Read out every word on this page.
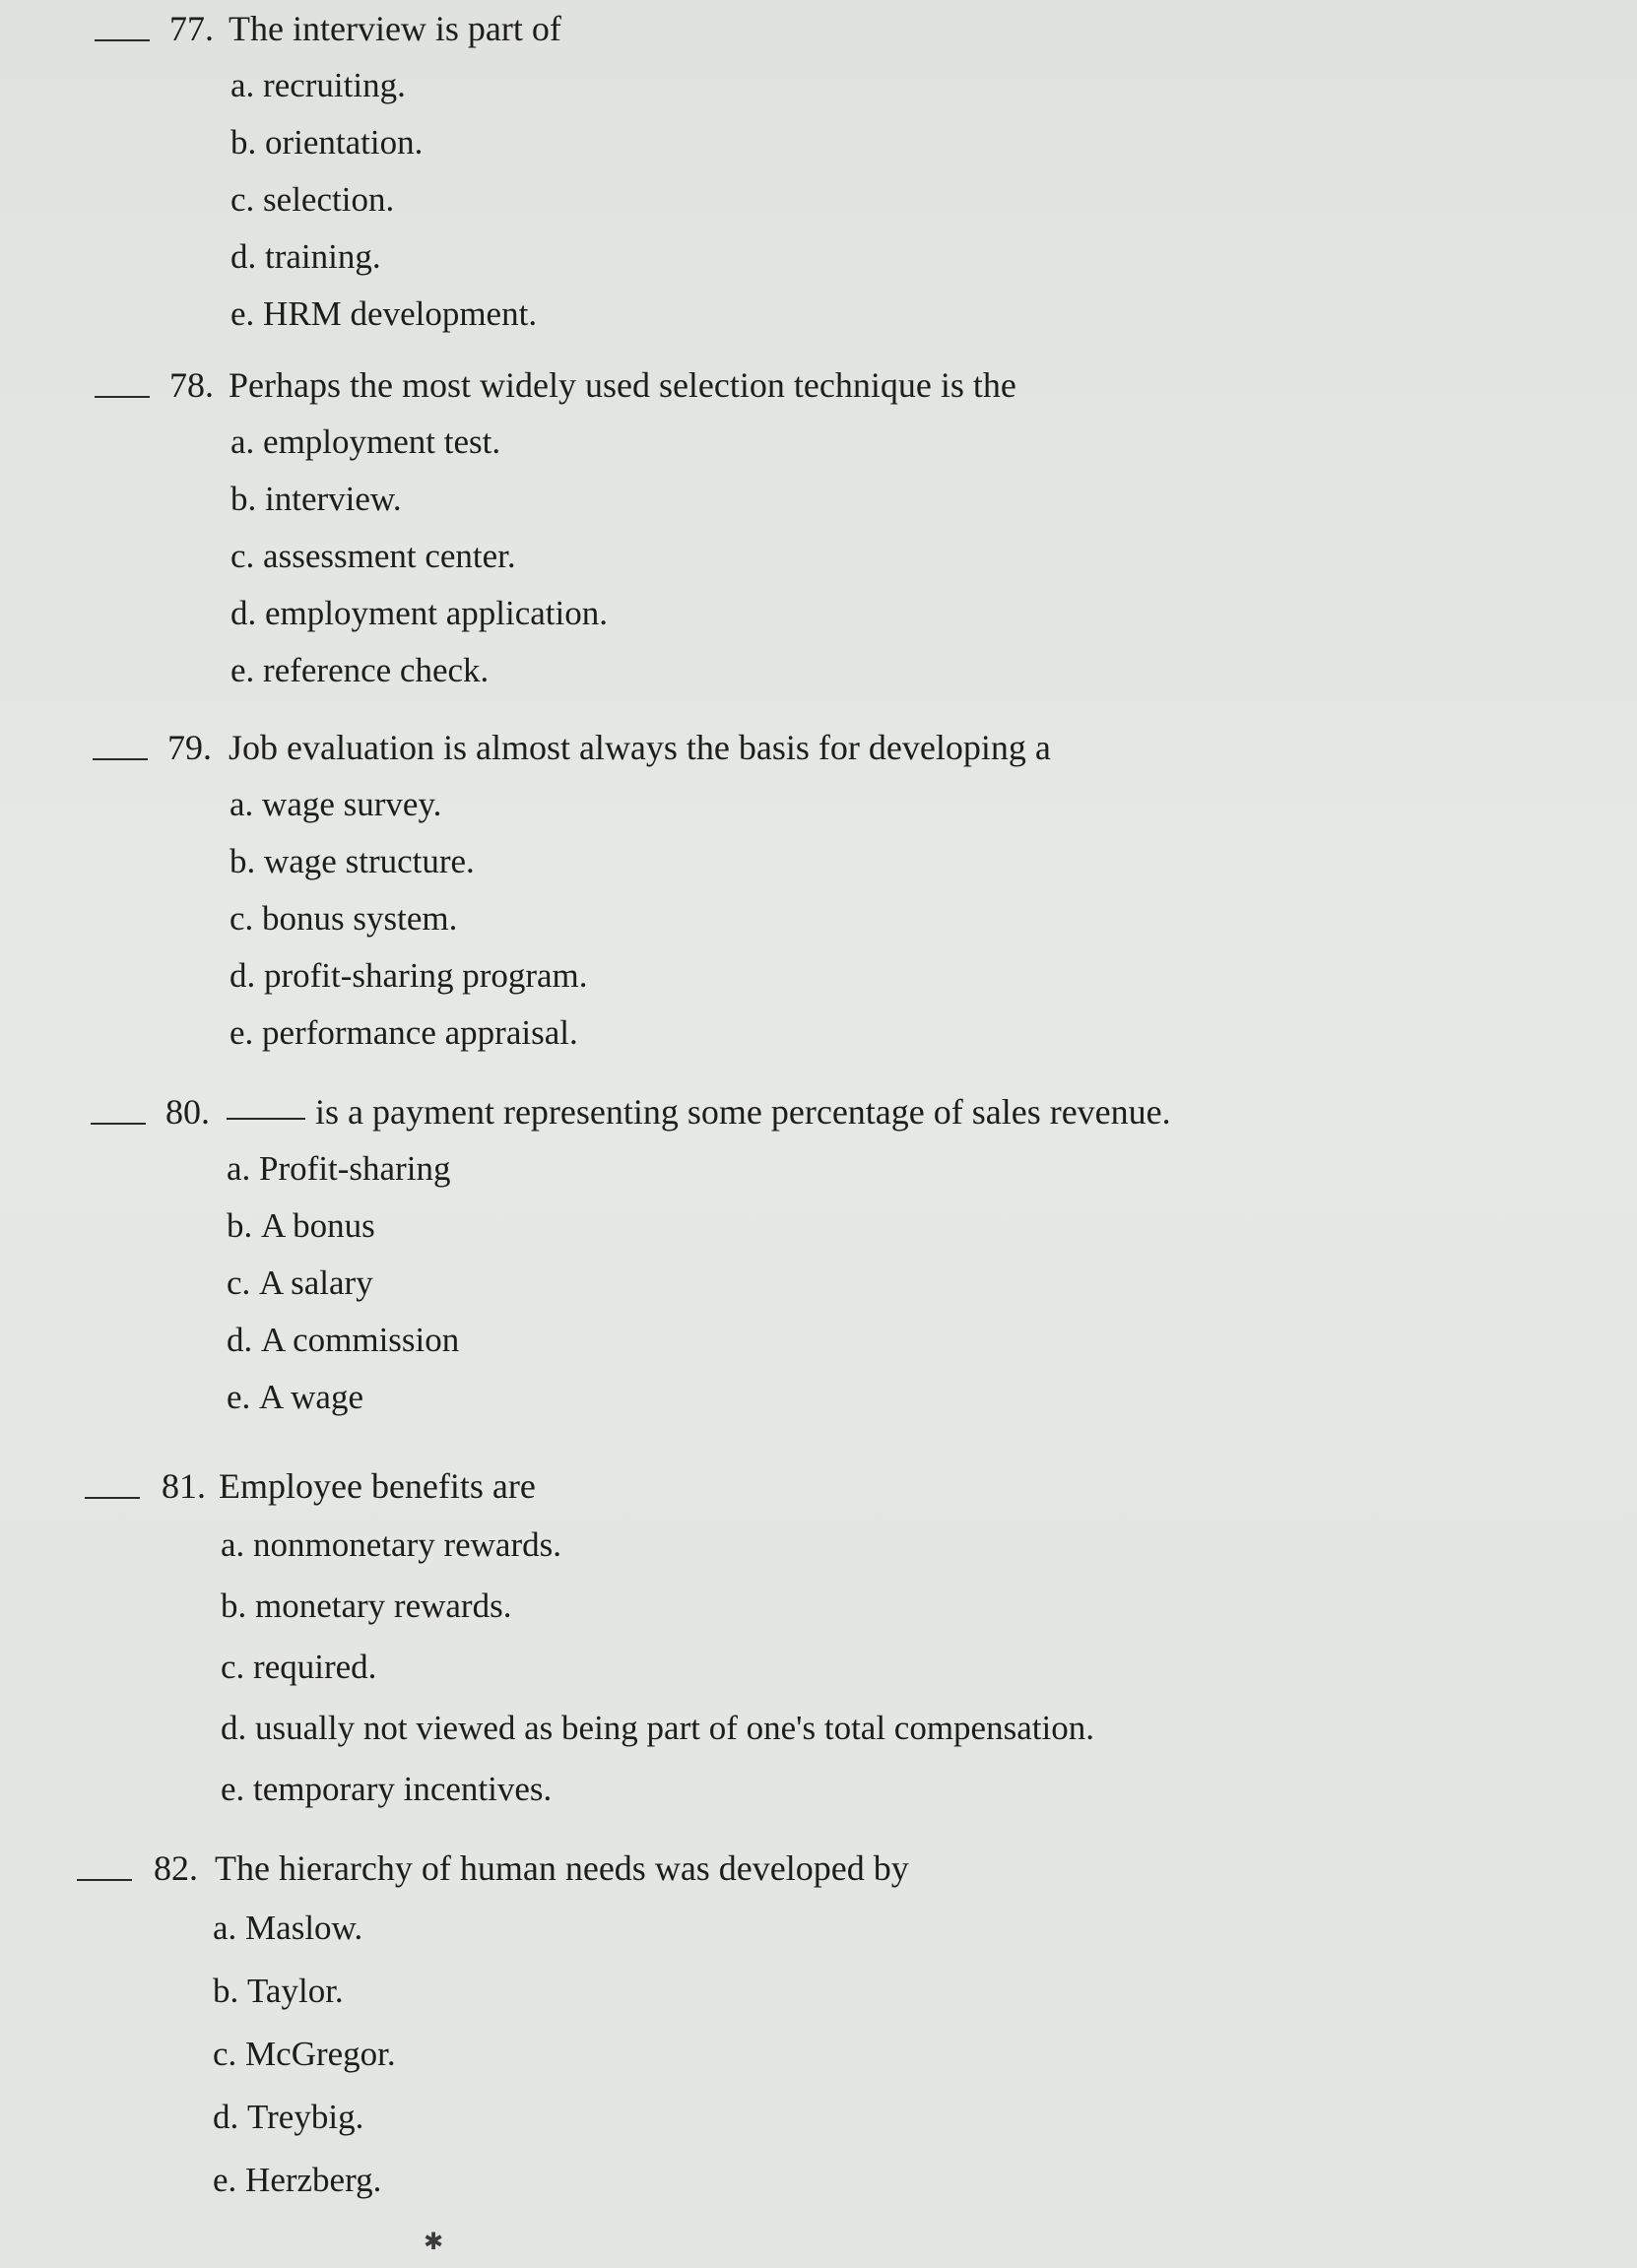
77. The interview is part of
a. recruiting.
b. orientation.
c. selection.
d. training.
e. HRM development.
78. Perhaps the most widely used selection technique is the
a. employment test.
b. interview.
c. assessment center.
d. employment application.
e. reference check.
79. Job evaluation is almost always the basis for developing a
a. wage survey.
b. wage structure.
c. bonus system.
d. profit-sharing program.
e. performance appraisal.
80.	is a payment representing some percentage of sales revenue.
a. Profit-sharing
b. A bonus
c. A salary
d. A commission
e. A wage
81. Employee benefits are
a. nonmonetary rewards.
b. monetary rewards.
c. required.
d. usually not viewed as being part of one's total compensation.
e. temporary incentives.
82. The hierarchy of human needs was developed by
a. Maslow.
b. Taylor.
c. McGregor.
d. Treybig.
e. Herzberg.
✱
